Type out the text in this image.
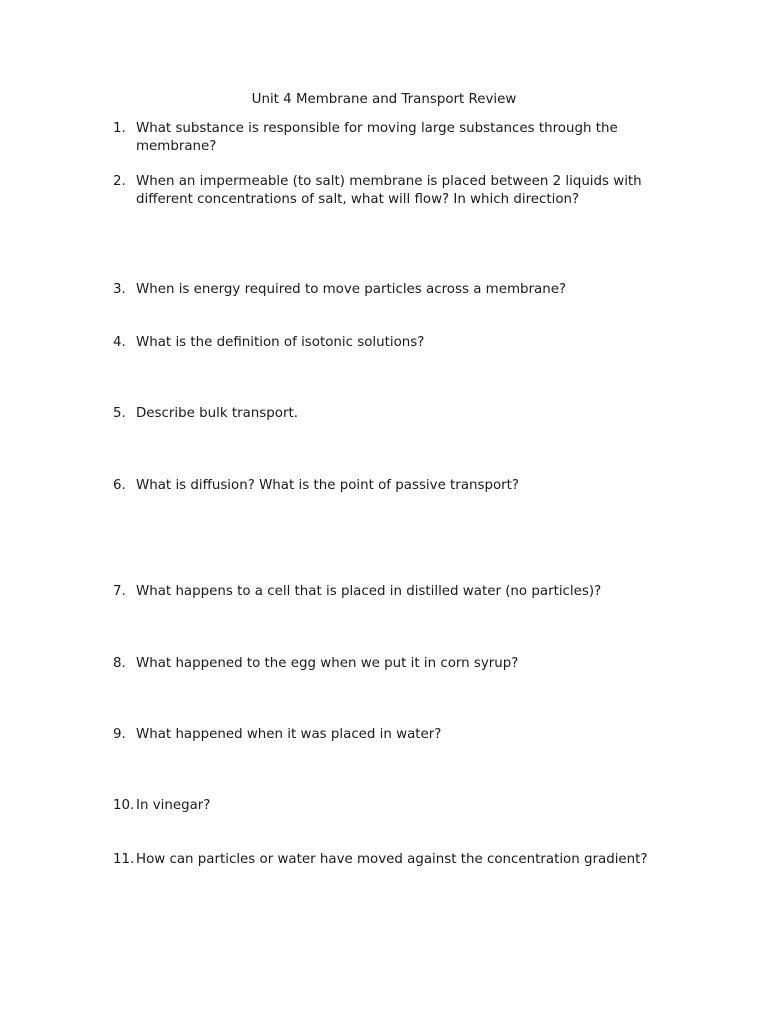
Unit 4 Membrane and Transport Review
1. What substance is responsible for moving large substances through the membrane?
2. When an impermeable (to salt) membrane is placed between 2 liquids with different concentrations of salt, what will flow? In which direction?
3. When is energy required to move particles across a membrane?
4. What is the definition of isotonic solutions?
5. Describe bulk transport.
6. What is diffusion? What is the point of passive transport?
7. What happens to a cell that is placed in distilled water (no particles)?
8. What happened to the egg when we put it in corn syrup?
9. What happened when it was placed in water?
10. In vinegar?
11. How can particles or water have moved against the concentration gradient?
